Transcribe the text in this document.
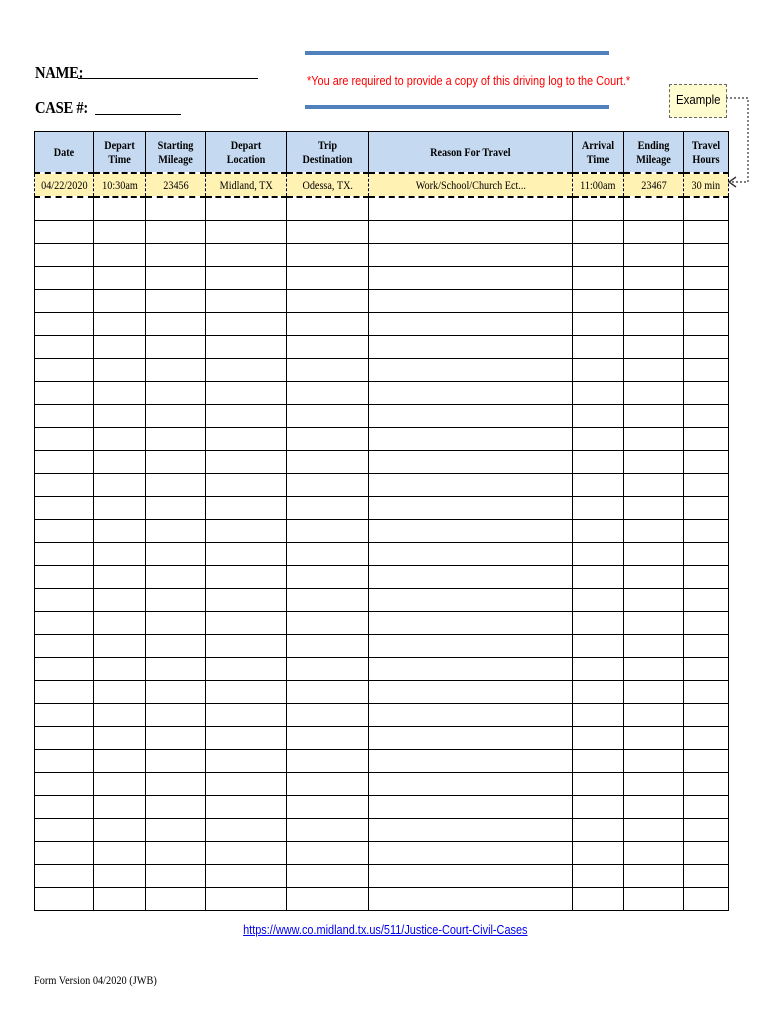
NAME:
CASE #:
*You are required to provide a copy of this driving log to the Court.*
Example
Date	Depart Time	Starting Mileage	Depart Location	Trip Destination	Reason For Travel	Arrival Time	Ending Mileage	Travel Hours
04/22/2020	10:30am	23456	Midland, TX	Odessa, TX.	Work/School/Church Ect...	11:00am	23467	30 min

https://www.co.midland.tx.us/511/Justice-Court-Civil-Cases
Form Version 04/2020 (JWB)
